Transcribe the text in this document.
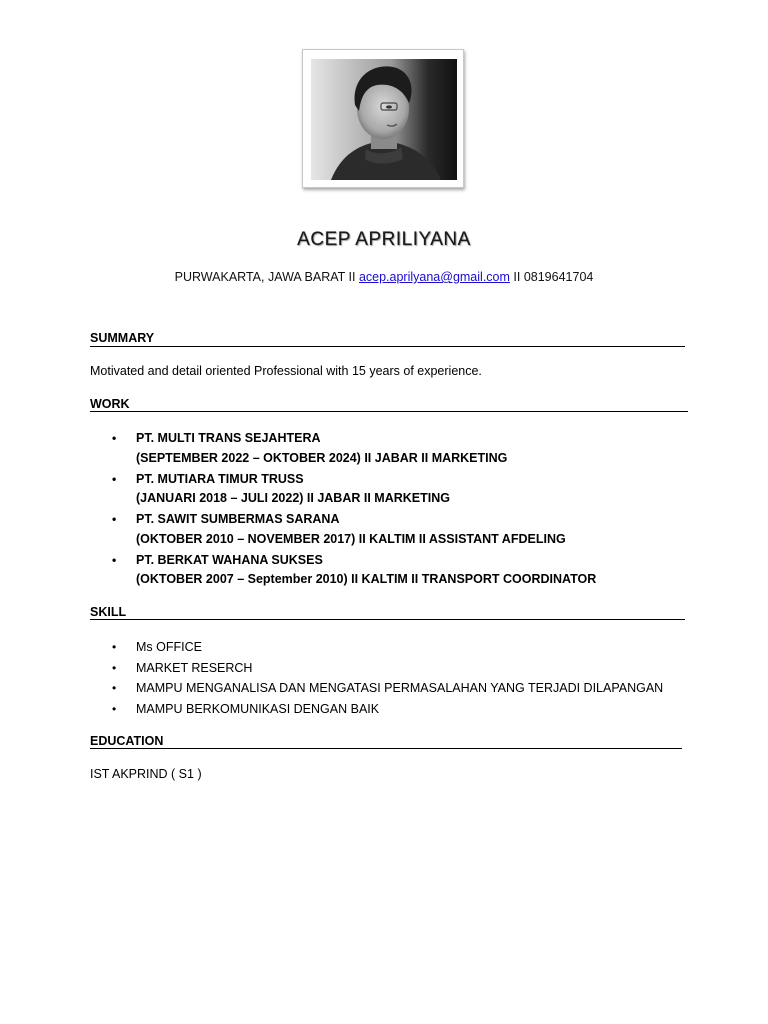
ACEP APRILIYANA
PURWAKARTA, JAWA BARAT II acep.aprilyana@gmail.com II 0819641704
SUMMARY
Motivated and detail oriented Professional with 15 years of experience.
WORK
• PT. MULTI TRANS SEJAHTERA
(SEPTEMBER 2022 – OKTOBER 2024) II JABAR II MARKETING
• PT. MUTIARA TIMUR TRUSS
(JANUARI 2018 – JULI 2022) II JABAR II MARKETING
• PT. SAWIT SUMBERMAS SARANA
(OKTOBER 2010 – NOVEMBER 2017) II KALTIM II ASSISTANT AFDELING
• PT. BERKAT WAHANA SUKSES
(OKTOBER 2007 – September 2010) II KALTIM II TRANSPORT COORDINATOR
SKILL
• Ms OFFICE
• MARKET RESERCH
• MAMPU MENGANALISA DAN MENGATASI PERMASALAHAN YANG TERJADI DILAPANGAN
• MAMPU BERKOMUNIKASI DENGAN BAIK
EDUCATION
IST AKPRIND ( S1 )
